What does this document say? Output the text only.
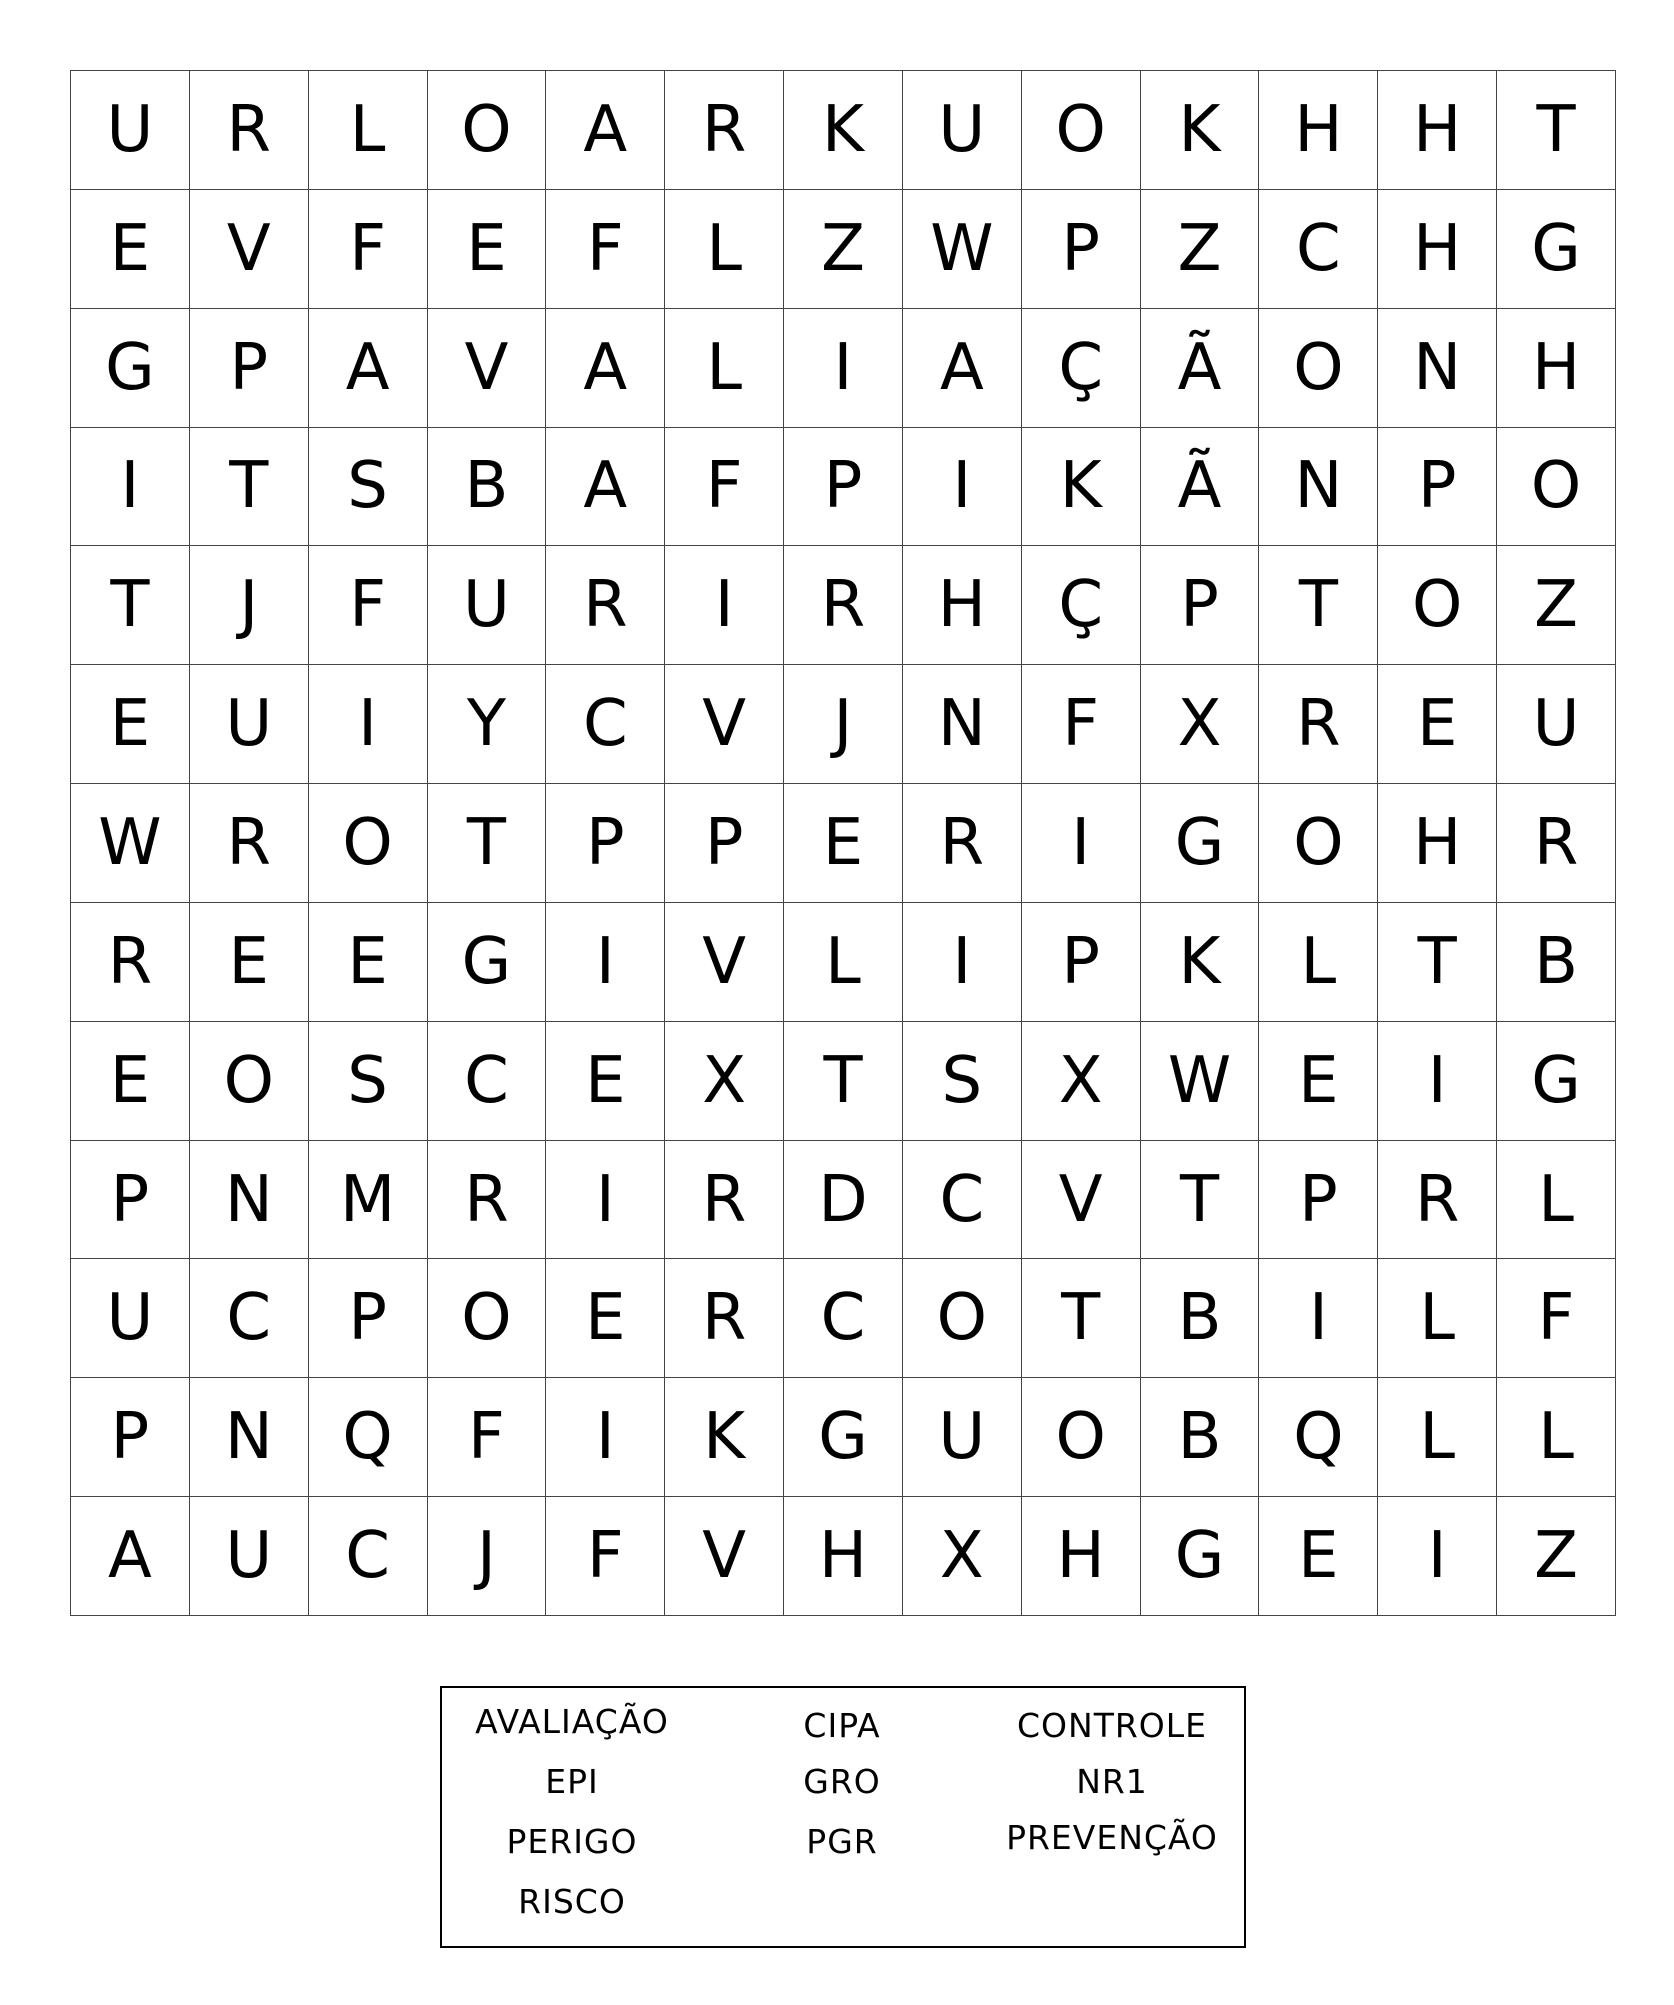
U	R	L	O	A	R	K	U	O	K	H	H	T
E	V	F	E	F	L	Z	W	P	Z	C	H	G
G	P	A	V	A	L	I	A	Ç	Ã	O	N	H
I	T	S	B	A	F	P	I	K	Ã	N	P	O
T	J	F	U	R	I	R	H	Ç	P	T	O	Z
E	U	I	Y	C	V	J	N	F	X	R	E	U
W	R	O	T	P	P	E	R	I	G	O	H	R
R	E	E	G	I	V	L	I	P	K	L	T	B
E	O	S	C	E	X	T	S	X	W	E	I	G
P	N	M	R	I	R	D	C	V	T	P	R	L
U	C	P	O	E	R	C	O	T	B	I	L	F
P	N	Q	F	I	K	G	U	O	B	Q	L	L
A	U	C	J	F	V	H	X	H	G	E	I	Z
AVALIAÇÃO
EPI
PERIGO
RISCO
CIPA
GRO
PGR
CONTROLE
NR1
PREVENÇÃO
